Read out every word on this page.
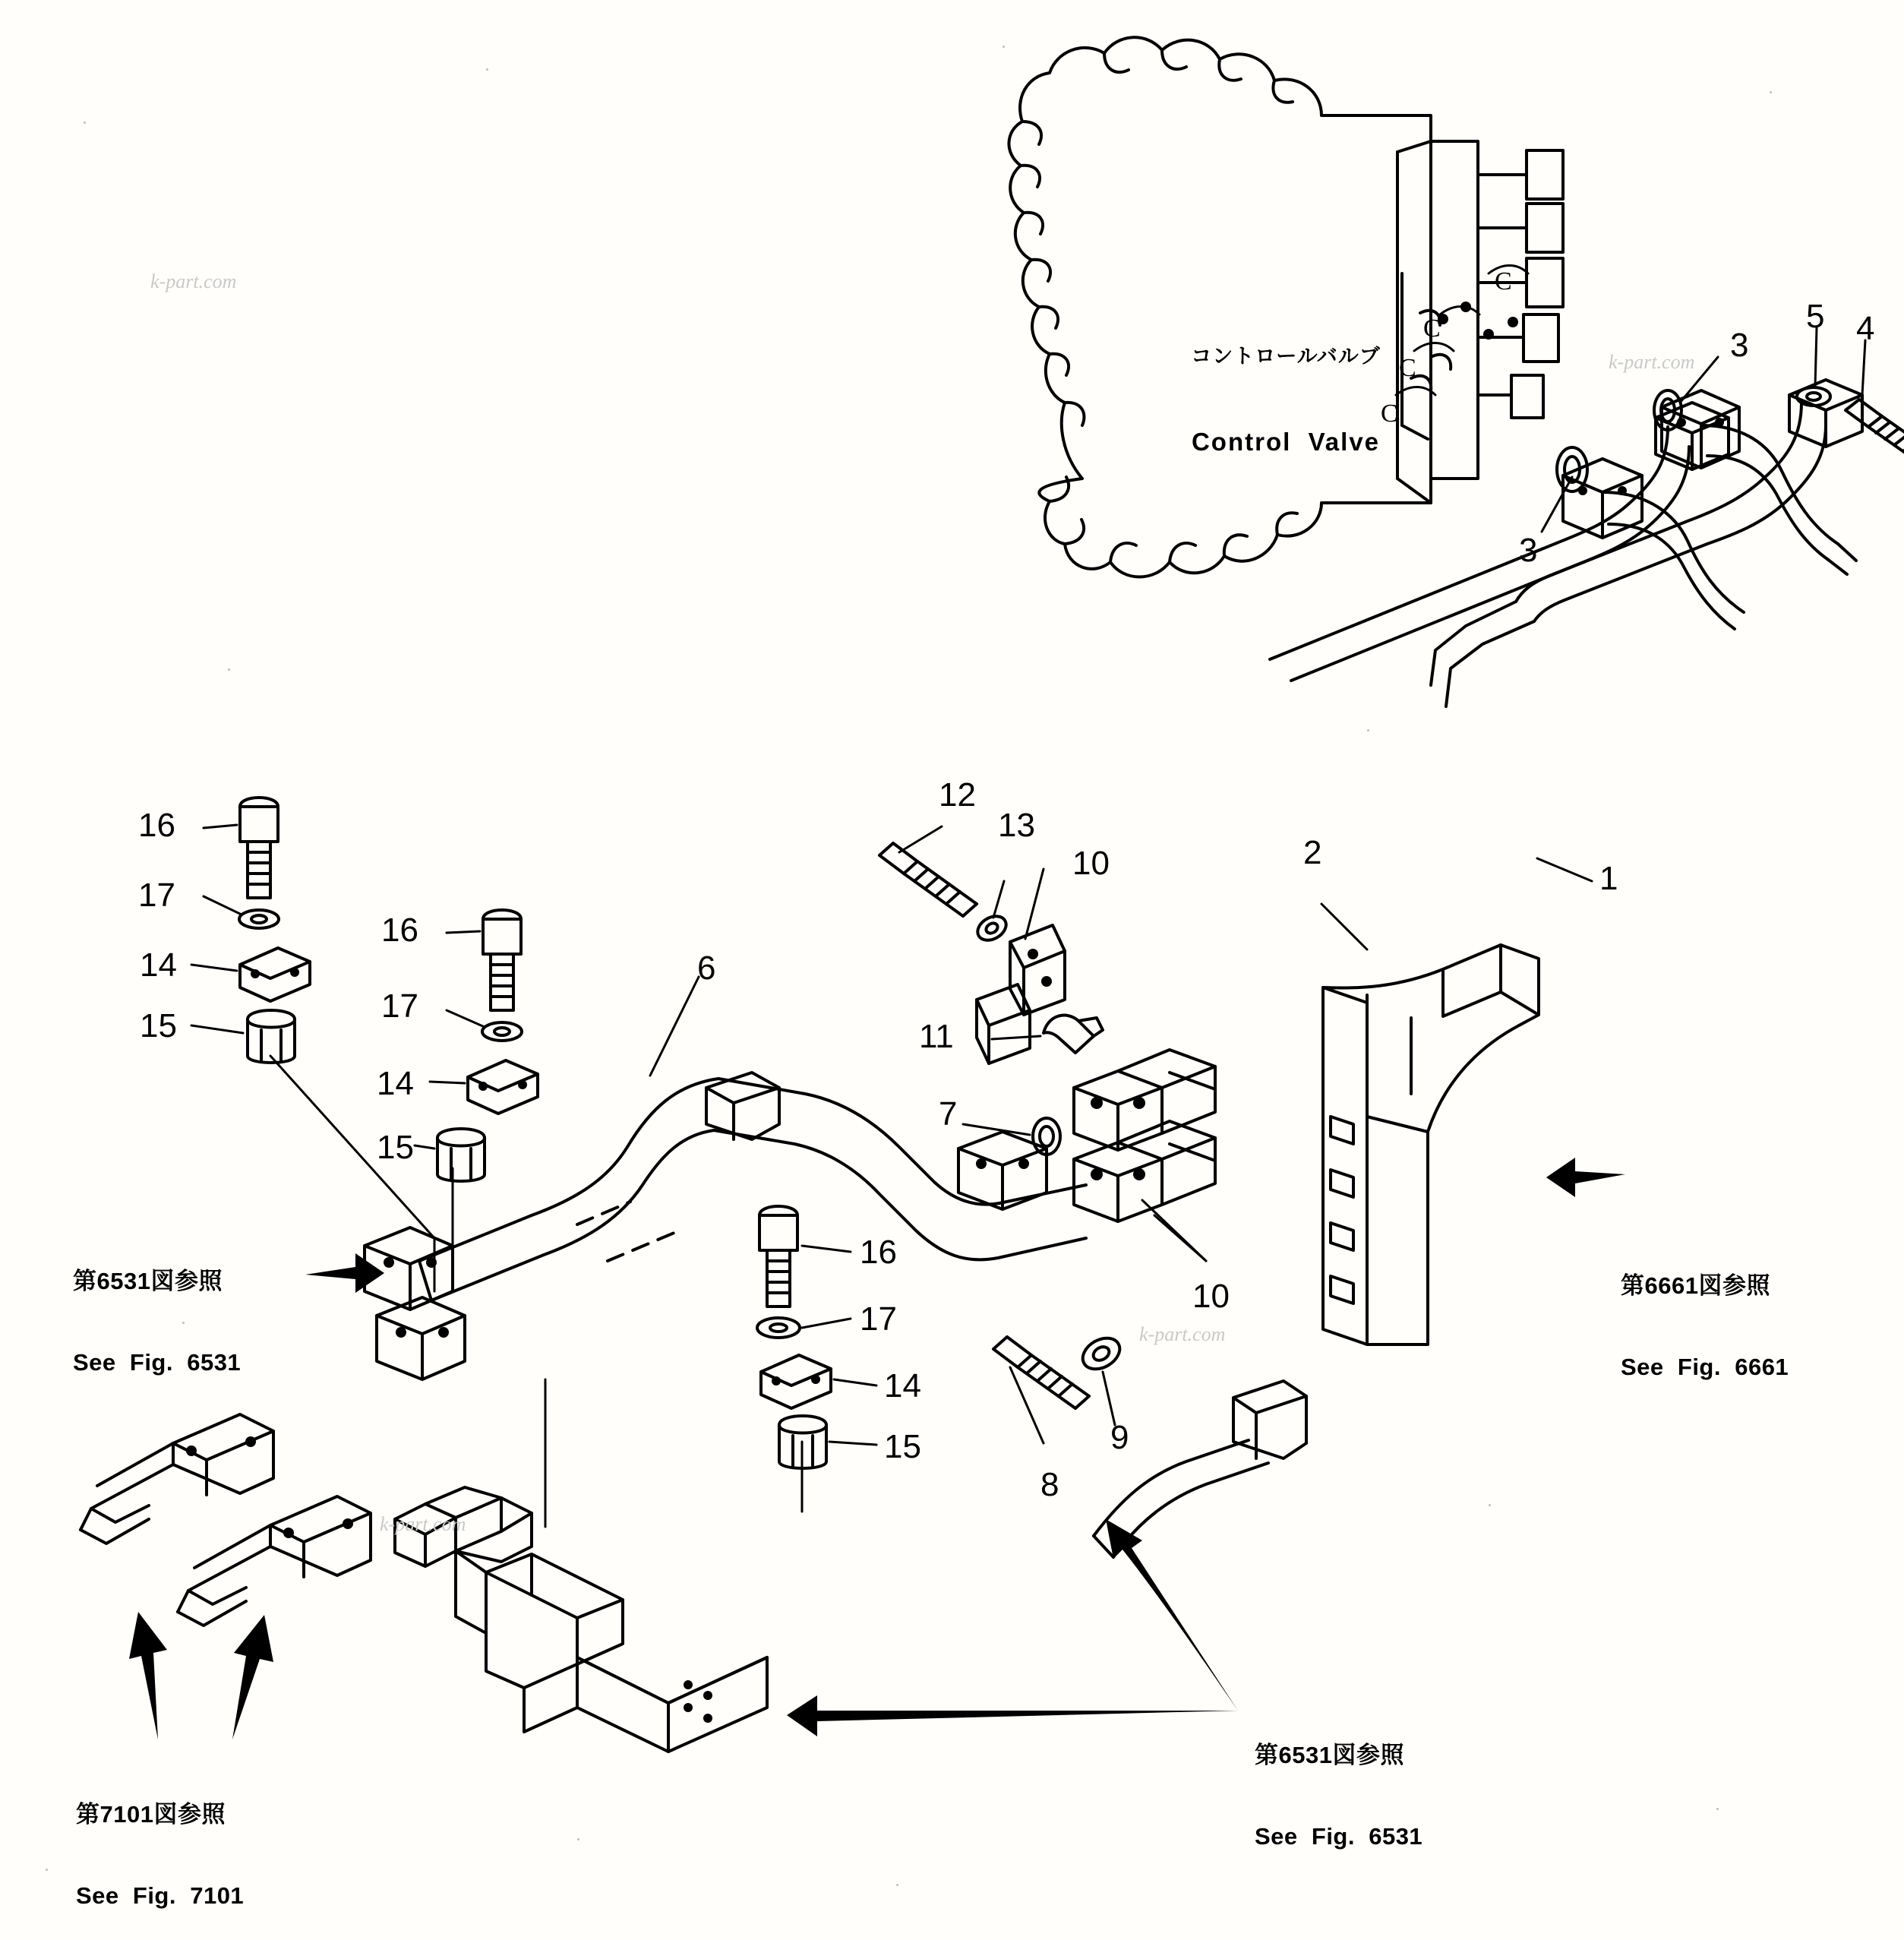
コントロールバルブ

Control  Valve

C
C
C
C
1
2
3
3
4
5
6
7
8
9
10
10
11
12
13
14
14
14
15
15
15
16
16
16
17
17
17

第6531図参照

See  Fig.  6531

第6661図参照

See  Fig.  6661

第7101図参照

See  Fig.  7101

第6531図参照

See  Fig.  6531

k-part.com
k-part.com
k-part.com
k-part.com
